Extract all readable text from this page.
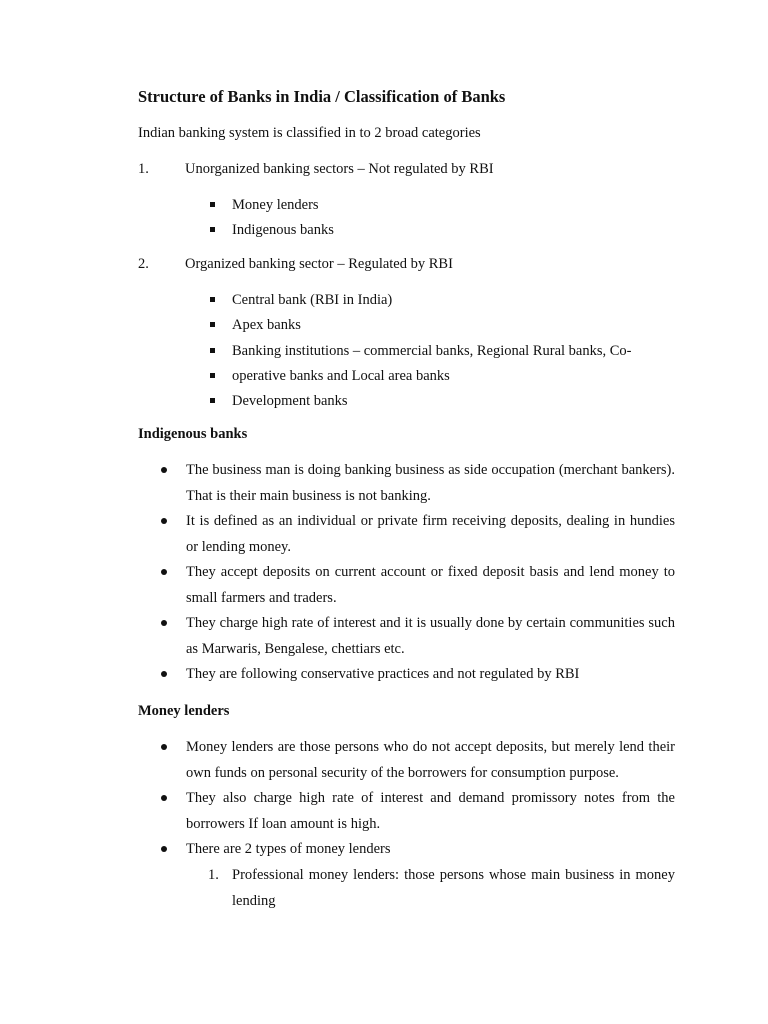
Structure of Banks in India / Classification of Banks
Indian banking system is classified in to 2 broad categories
1. Unorganized banking sectors – Not regulated by RBI
Money lenders
Indigenous banks
2. Organized banking sector – Regulated by RBI
Central bank (RBI in India)
Apex banks
Banking institutions – commercial banks, Regional Rural banks, Co-
operative banks and Local area banks
Development banks
Indigenous banks
The business man is doing banking business as side occupation (merchant bankers). That is their main business is not banking.
It is defined as an individual or private firm receiving deposits, dealing in hundies or lending money.
They accept deposits on current account or fixed deposit basis and lend money to small farmers and traders.
They charge high rate of interest and it is usually done by certain communities such as Marwaris, Bengalese, chettiars etc.
They are following conservative practices and not regulated by RBI
Money lenders
Money lenders are those persons who do not accept deposits, but merely lend their own funds on personal security of the borrowers for consumption purpose.
They also charge high rate of interest and demand promissory notes from the borrowers If loan amount is high.
There are 2 types of money lenders
1. Professional money lenders: those persons whose main business in money lending
